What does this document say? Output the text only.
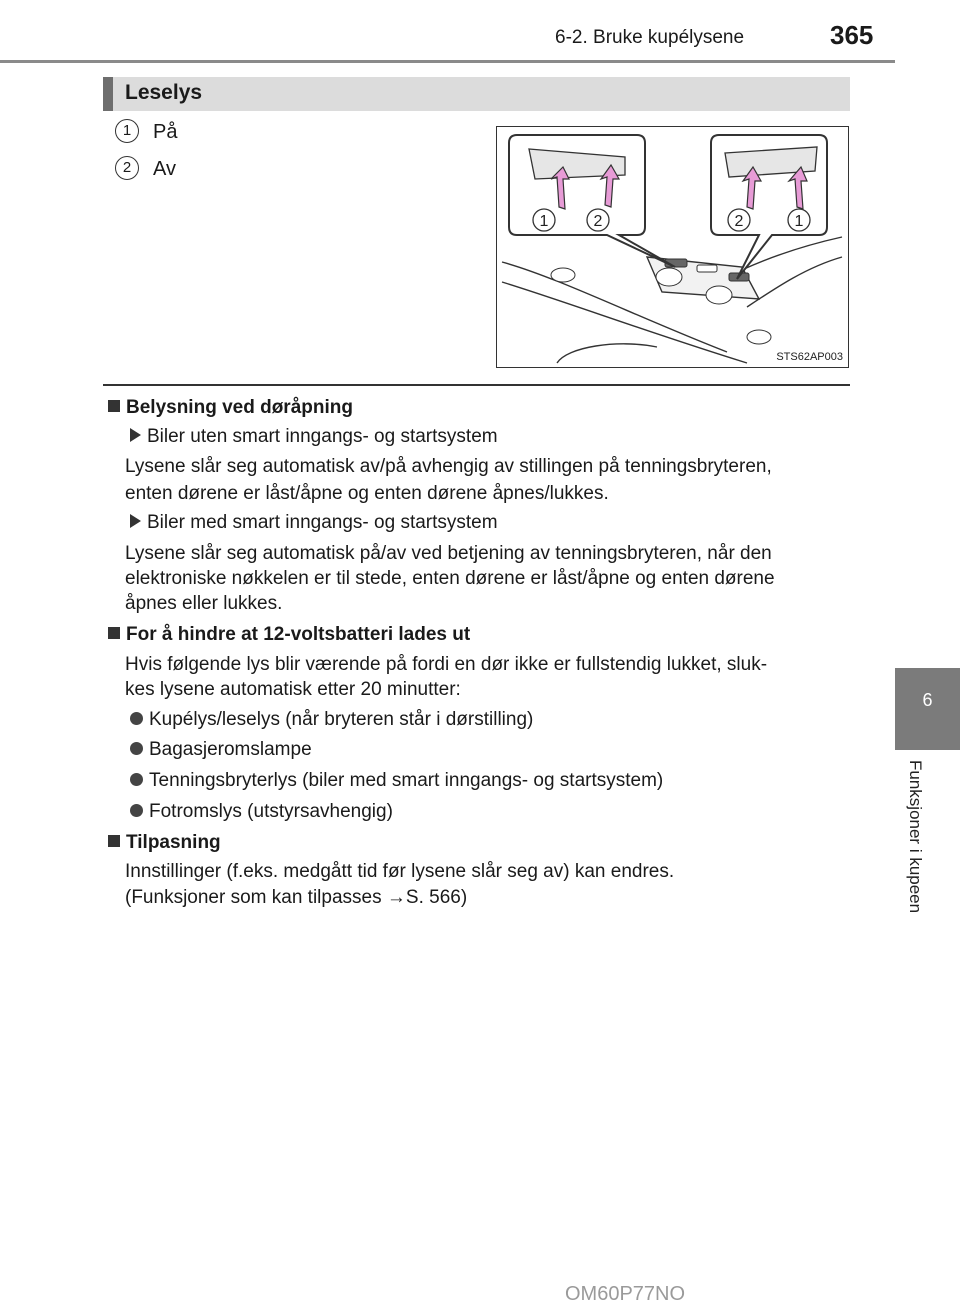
6-2. Bruke kupélysene	365
6
Funksjoner i kupeen
Leselys
1	På
2	Av
1	2	2	1
STS62AP003
Belysning ved døråpning
Biler uten smart inngangs- og startsystem
Lysene slår seg automatisk av/på avhengig av stillingen på tenningsbryteren,
enten dørene er låst/åpne og enten dørene åpnes/lukkes.
Biler med smart inngangs- og startsystem
Lysene slår seg automatisk på/av ved betjening av tenningsbryteren, når den
elektroniske nøkkelen er til stede, enten dørene er låst/åpne og enten dørene
åpnes eller lukkes.
For å hindre at 12-voltsbatteri lades ut
Hvis følgende lys blir værende på fordi en dør ikke er fullstendig lukket, sluk-
kes lysene automatisk etter 20 minutter:
Kupélys/leselys (når bryteren står i dørstilling)
Bagasjeromslampe
Tenningsbryterlys (biler med smart inngangs- og startsystem)
Fotromslys (utstyrsavhengig)
Tilpasning
Innstillinger (f.eks. medgått tid før lysene slår seg av) kan endres.
(Funksjoner som kan tilpasses →S. 566)
OM60P77NO
